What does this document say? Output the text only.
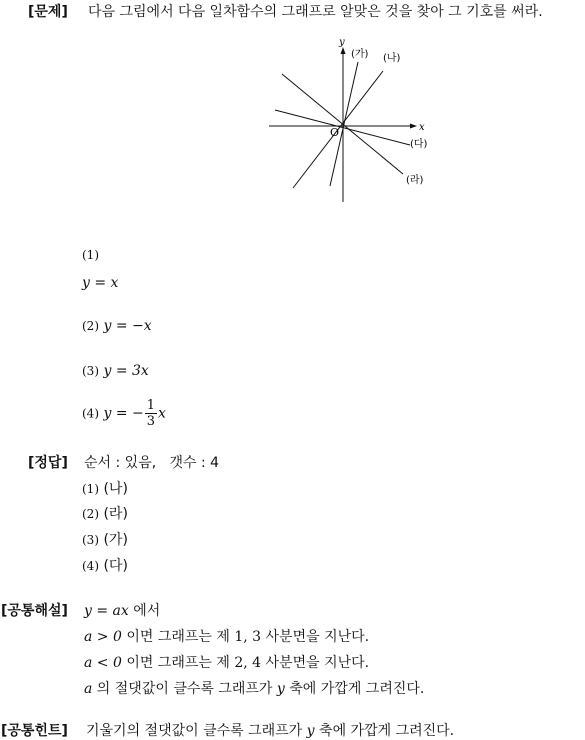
[문제] 다음 그림에서 다음 일차함수의 그래프로 알맞은 것을 찾아 그 기호를 써라.
y
x
O
(가) (나)
(다)
(라)
(1)
y = x
(2) y = −x
(3) y = 3x
(4) y = − $\frac{1}{3}$ x
[정답] 순서 : 있음,   갯수 : 4
(1) (나)
(2) (라)
(3) (가)
(4) (다)
[공통해설] y = ax 에서
a > 0 이면 그래프는 제 1, 3 사분면을 지난다.
a < 0 이면 그래프는 제 2, 4 사분면을 지난다.
a 의 절댓값이 클수록 그래프가 y 축에 가깝게 그려진다.
[공통힌트] 기울기의 절댓값이 클수록 그래프가 y 축에 가깝게 그려진다.
